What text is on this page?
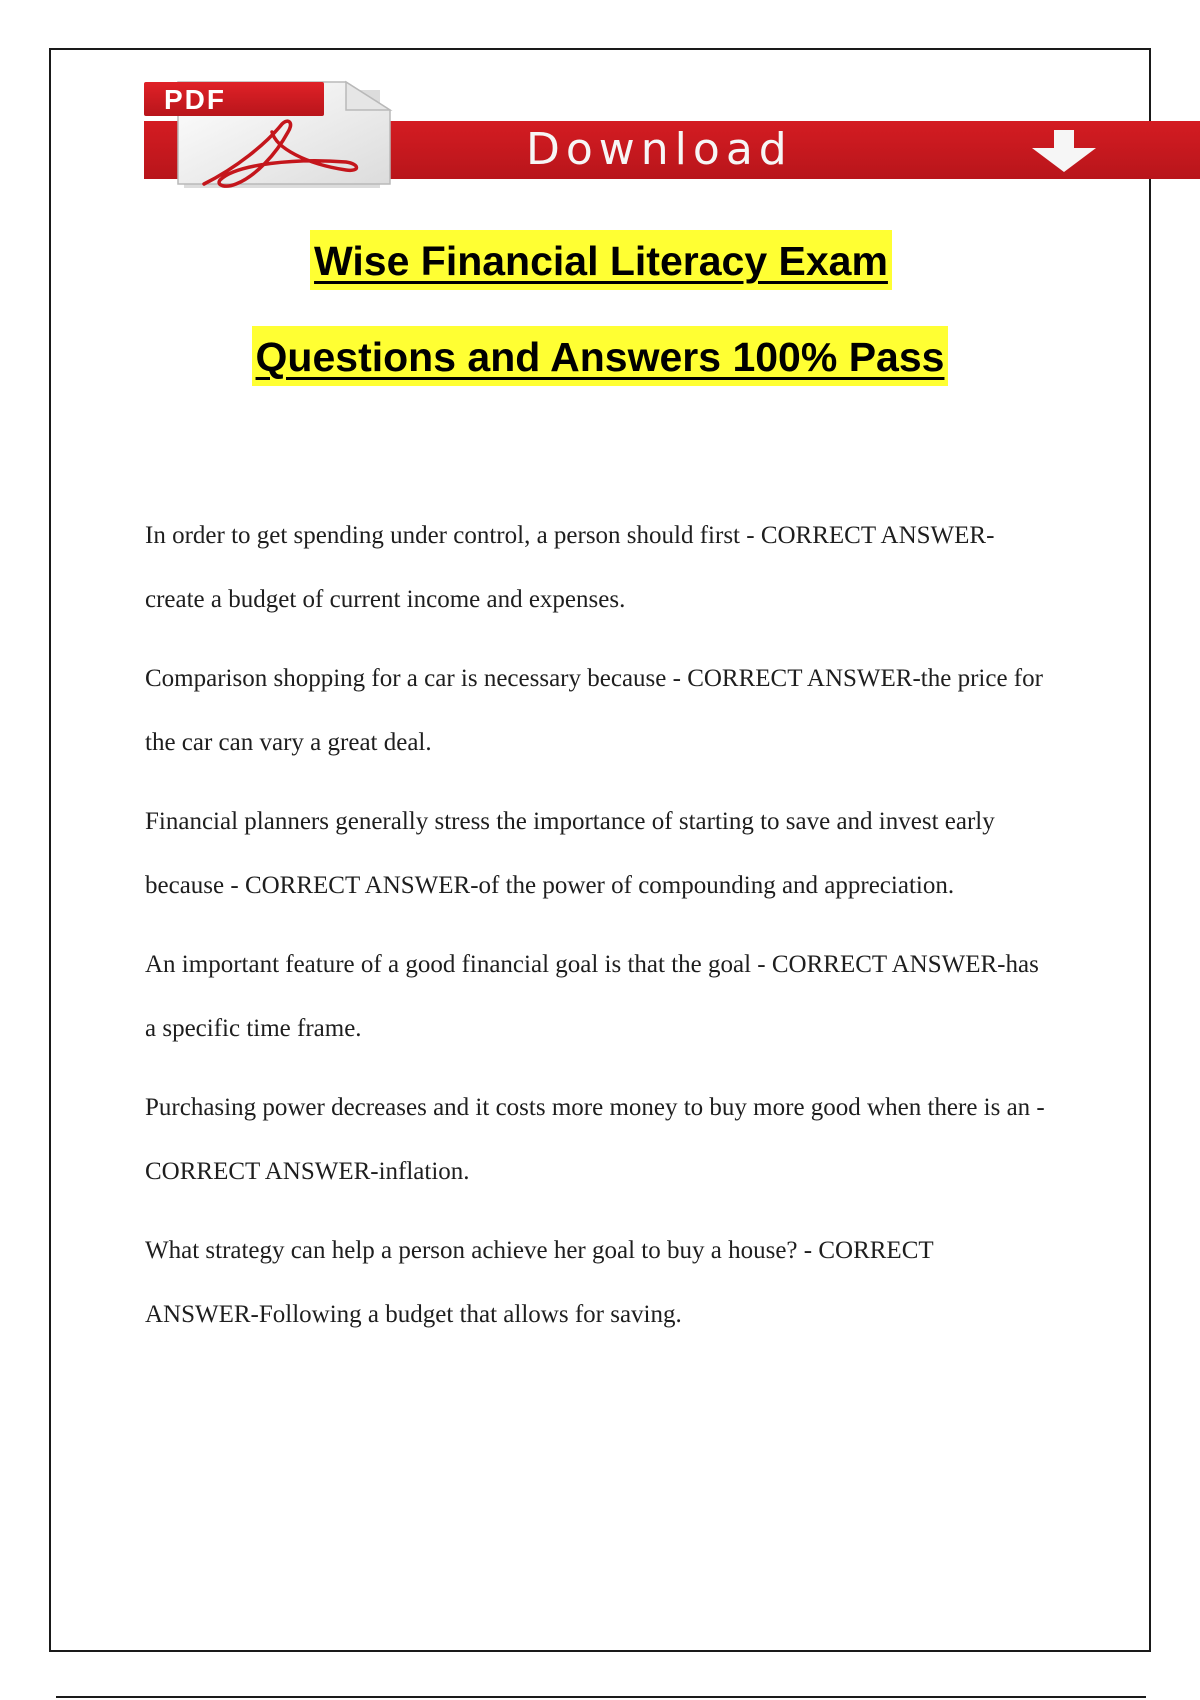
PDF
Download
Wise Financial Literacy Exam
Questions and Answers 100% Pass

In order to get spending under control, a person should first - CORRECT ANSWER-create a budget of current income and expenses.

Comparison shopping for a car is necessary because - CORRECT ANSWER-the price for the car can vary a great deal.

Financial planners generally stress the importance of starting to save and invest early because - CORRECT ANSWER-of the power of compounding and appreciation.

An important feature of a good financial goal is that the goal - CORRECT ANSWER-has a specific time frame.

Purchasing power decreases and it costs more money to buy more good when there is an - CORRECT ANSWER-inflation.

What strategy can help a person achieve her goal to buy a house? - CORRECT ANSWER-Following a budget that allows for saving.
